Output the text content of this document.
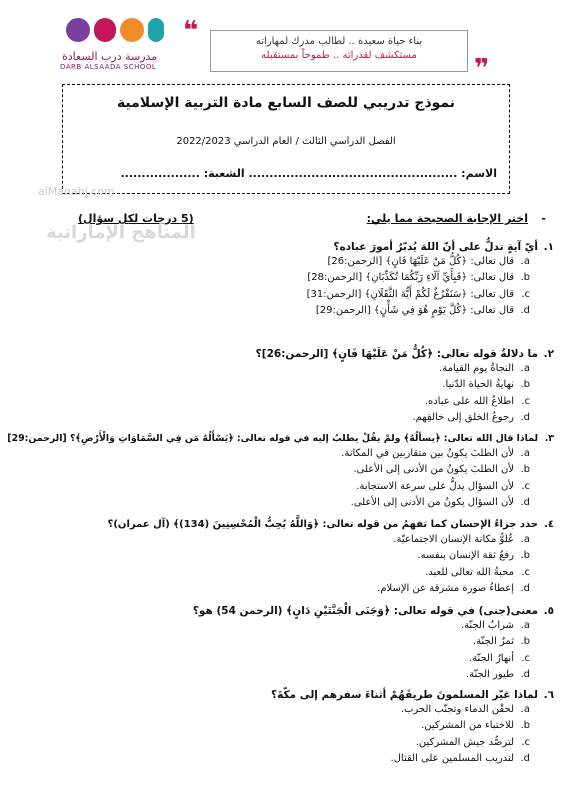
مدرسة درب السعادة
DARB ALSAADA SCHOOL
❝
❞
بناء حياة سعيدة .. لطالب مدرك لمهاراته
مستكشف لقدراته .. طموحاً بمستقبله
نموذج تدريبي للصف السابع مادة التربية الإسلامية
الفصل الدراسي الثالث / العام الدراسي 2022/2023
الاسم: .................................................. الشعبة: ...................
alManahj.com
المناهج الإماراتية
-
اختر الإجابة الصحيحة مما يلي:
(5 درجات لكل سؤال)
١.أيّ آيةٍ تدلُّ على أنّ اللهَ يُدبّرُ أمورَ عباده؟
a.قال تعالى: ﴿كُلُّ مَنْ عَلَيْهَا فَانٍ﴾ [الرحمن:26]
b.قال تعالى: ﴿فَبِأَيِّ آلَاءِ رَبِّكُمَا تُكَذِّبَانِ﴾ [الرحمن:28]
c.قال تعالى: ﴿سَنَفْرُغُ لَكُمْ أَيُّهَ الثَّقَلَانِ﴾ [الرحمن:31]
d.قال تعالى: ﴿كُلَّ يَوْمٍ هُوَ فِي شَأْنٍ﴾ [الرحمن:29]
٢.ما دلالةُ قوله تعالى: ﴿كُلُّ مَنْ عَلَيْهَا فَانٍ﴾ [الرحمن:26]؟
a.النجاةُ يوم القيامة.
b.نهايةُ الحياة الدّنيا.
c.اطلاعُ الله على عباده.
d.رجوعُ الخلق إلى خالقِهم.
٣.لماذا قال الله تعالى: ﴿يسألُهُ﴾ ولمْ يقُلْ يطلبُ إليه في قوله تعالى: ﴿يَسْأَلُهُ مَن فِي السَّمَاوَاتِ وَالْأَرْضِ﴾؟ [الرحمن:29]
a.لأن الطلبَ يكونُ بين متقاربين في المكانة.
b.لأن الطلبَ يكونُ من الأدنى إلى الأعلى.
c.لأن السؤال يدلُّ على سرعة الاستجابة.
d.لأن السؤال يكونُ من الأدنى إلى الأعلى.
٤.حدد جزاءُ الإحسان كما تفهمُ من قوله تعالى: ﴿وَاللَّهُ يُحِبُّ الْمُحْسِنِينَ (134)﴾ (آل عمران)؟
a.عُلوُّ مكانة الإنسان الاجتماعيّة.
b.رفعُ ثقة الإنسان بنفسه.
c.محبةُ الله تعالى للعبد.
d.إعطاءُ صورة مشرقة عن الإسلام.
٥.معنى(جنى) في قوله تعالى: ﴿وَجَنَى الْجَنَّتَيْنِ دَانٍ﴾ (الرحمن 54) هو؟
a.شرابُ الجنّة.
b.ثمرُ الجنّة.
c.أنهارُ الجنّة.
d.طيور الجنّة.
٦.لماذا غيّر المسلمونَ طريقَهُمْ أثناءَ سفرهم إلى مكّةَ؟
a.لحقْن الدماء وتجنّب الحرب.
b.للاختباء من المشركين.
c.لترصُّد جيش المشركين.
d.لتدريب المسلمين على القتال.
